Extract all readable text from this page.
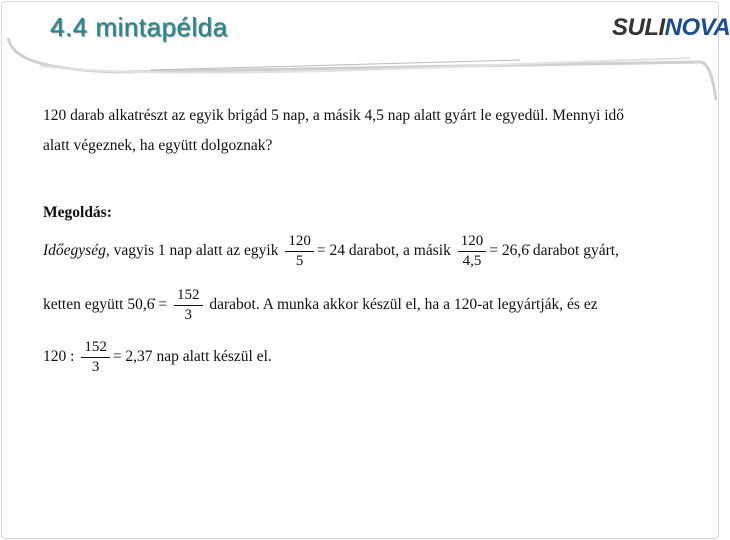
4.4 mintapélda	SULINOVA
120 darab alkatrészt az egyik brigád 5 nap, a másik 4,5 nap alatt gyárt le egyedül. Mennyi idő
alatt végeznek, ha együtt dolgoznak?
Megoldás:
Időegység, vagyis 1 nap alatt az egyik $\frac{120}{5} = 24$ darabot, a másik $\frac{120}{4,5}$ = 26,6̇ darabot gyárt,
ketten együtt 50,6̇ = $\frac{152}{3}$ darabot. A munka akkor készül el, ha a 120-at legyártják, és ez
120 : $\frac{152}{3} = 2,37$ nap alatt készül el.
